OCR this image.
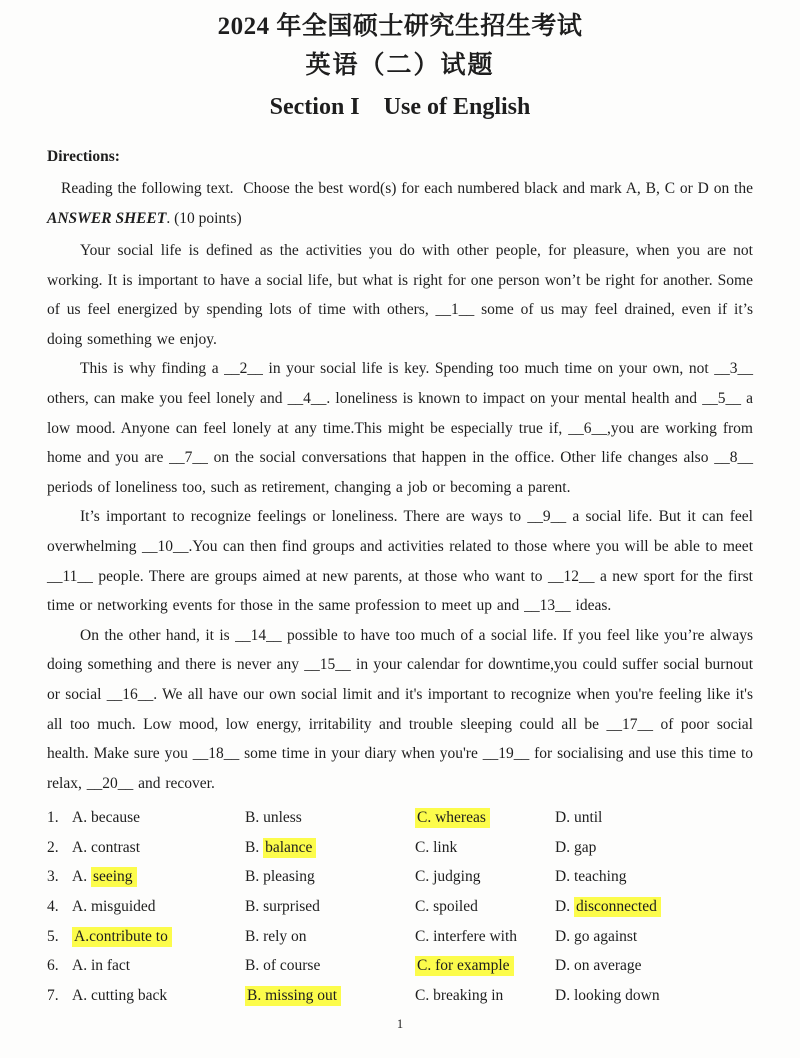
2024 年全国硕士研究生招生考试
英语（二）试题
Section I    Use of English

Directions:

Reading the following text.  Choose the best word(s) for each numbered black and mark A, B, C or D on the ANSWER SHEET. (10 points)

Your social life is defined as the activities you do with other people, for pleasure, when you are not working. It is important to have a social life, but what is right for one person won’t be right for another. Some of us feel energized by spending lots of time with others, __1__ some of us may feel drained, even if it’s doing something we enjoy.

This is why finding a __2__ in your social life is key. Spending too much time on your own, not __3__ others, can make you feel lonely and __4__. loneliness is known to impact on your mental health and __5__ a low mood. Anyone can feel lonely at any time.This might be especially true if, __6__,you are working from home and you are __7__ on the social conversations that happen in the office. Other life changes also __8__ periods of loneliness too, such as retirement, changing a job or becoming a parent.

It’s important to recognize feelings or loneliness. There are ways to __9__ a social life. But it can feel overwhelming __10__.You can then find groups and activities related to those where you will be able to meet __11__ people. There are groups aimed at new parents, at those who want to __12__ a new sport for the first time or networking events for those in the same profession to meet up and __13__ ideas.

On the other hand, it is __14__ possible to have too much of a social life. If you feel like you’re always doing something and there is never any __15__ in your calendar for downtime,you could suffer social burnout or social __16__. We all have our own social limit and it's important to recognize when you're feeling like it's all too much. Low mood, low energy, irritability and trouble sleeping could all be __17__ of poor social health. Make sure you __18__ some time in your diary when you're __19__ for socialising and use this time to relax, __20__ and recover.

1. A. because	B. unless	C. whereas	D. until
2. A. contrast	B. balance	C. link	D. gap
3. A. seeing	B. pleasing	C. judging	D. teaching
4. A. misguided	B. surprised	C. spoiled	D. disconnected
5. A.contribute to	B. rely on	C. interfere with	D. go against
6. A. in fact	B. of course	C. for example	D. on average
7. A. cutting back	B. missing out	C. breaking in	D. looking down
1
